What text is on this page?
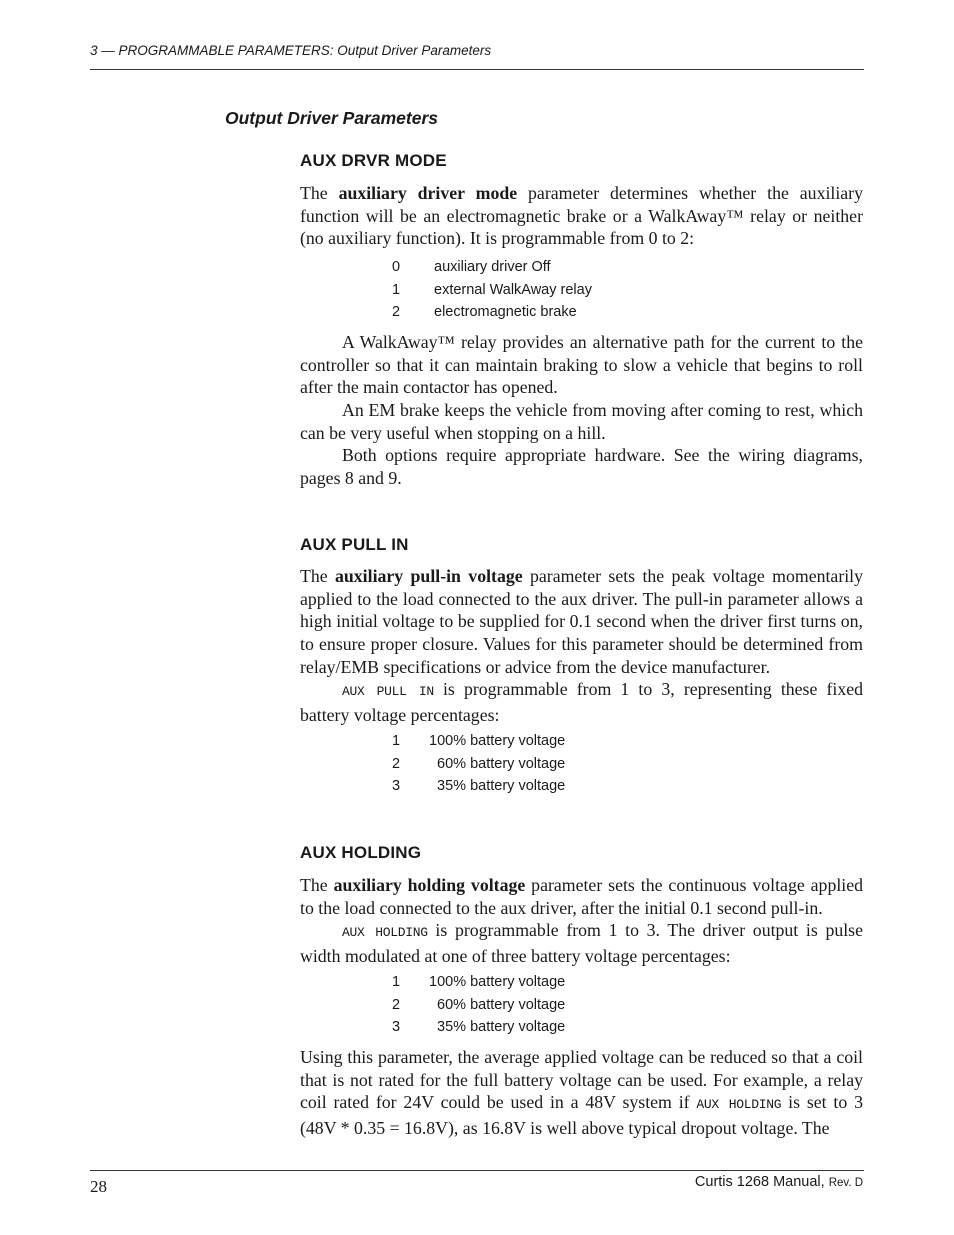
3 — PROGRAMMABLE PARAMETERS: Output Driver Parameters
Output Driver Parameters
AUX DRVR MODE

The auxiliary driver mode parameter determines whether the auxiliary function will be an electromagnetic brake or a WalkAway™ relay or neither (no auxiliary function). It is programmable from 0 to 2:

0 auxiliary driver Off
1 external WalkAway relay
2 electromagnetic brake

A WalkAway™ relay provides an alternative path for the current to the controller so that it can maintain braking to slow a vehicle that begins to roll after the main contactor has opened.

An EM brake keeps the vehicle from moving after coming to rest, which can be very useful when stopping on a hill.

Both options require appropriate hardware. See the wiring diagrams, pages 8 and 9.

AUX PULL IN

The auxiliary pull-in voltage parameter sets the peak voltage momentarily applied to the load connected to the aux driver. The pull-in parameter allows a high initial voltage to be supplied for 0.1 second when the driver first turns on, to ensure proper closure. Values for this parameter should be determined from relay/EMB specifications or advice from the device manufacturer.

AUX PULL IN is programmable from 1 to 3, representing these fixed battery voltage percentages:

1 100% battery voltage
2 60% battery voltage
3 35% battery voltage
AUX HOLDING

The auxiliary holding voltage parameter sets the continuous voltage applied to the load connected to the aux driver, after the initial 0.1 second pull-in.

AUX HOLDING is programmable from 1 to 3. The driver output is pulse width modulated at one of three battery voltage percentages:

1 100% battery voltage
2 60% battery voltage
3 35% battery voltage

Using this parameter, the average applied voltage can be reduced so that a coil that is not rated for the full battery voltage can be used. For example, a relay coil rated for 24V could be used in a 48V system if AUX HOLDING is set to 3 (48V * 0.35 = 16.8V), as 16.8V is well above typical dropout voltage. The

28	Curtis 1268 Manual, Rev. D
